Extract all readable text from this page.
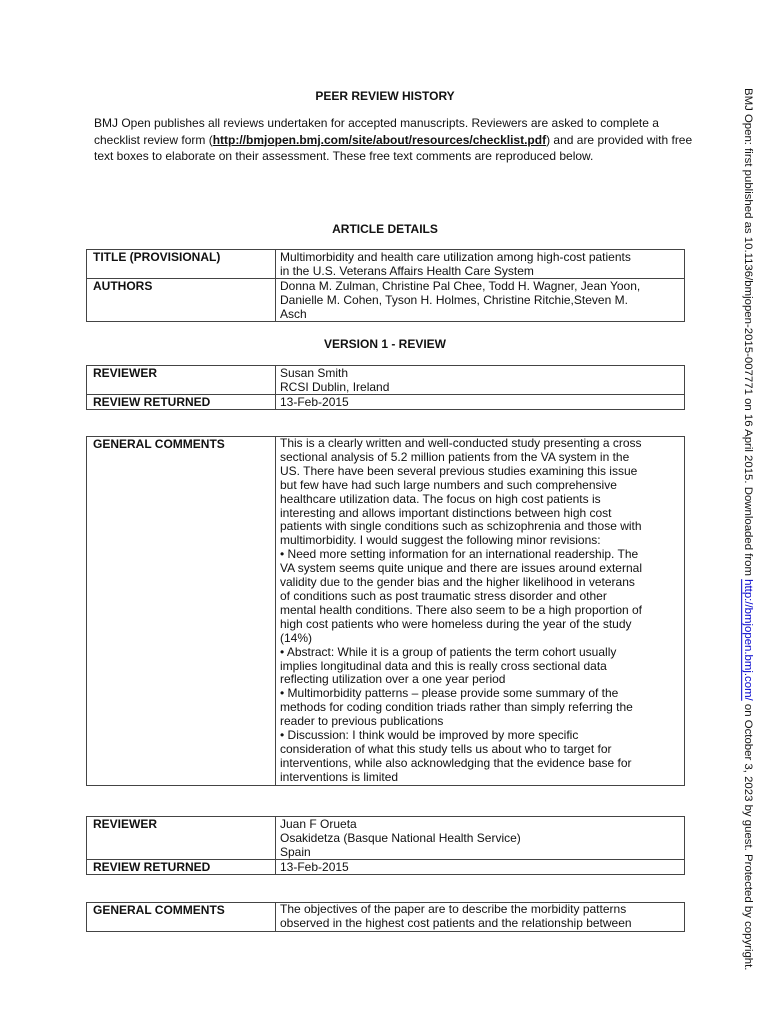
PEER REVIEW HISTORY
BMJ Open publishes all reviews undertaken for accepted manuscripts. Reviewers are asked to complete a checklist review form (http://bmjopen.bmj.com/site/about/resources/checklist.pdf) and are provided with free text boxes to elaborate on their assessment. These free text comments are reproduced below.
ARTICLE DETAILS
TITLE (PROVISIONAL)	Multimorbidity and health care utilization among high-cost patients
in the U.S. Veterans Affairs Health Care System

AUTHORS	Donna M. Zulman, Christine Pal Chee, Todd H. Wagner, Jean Yoon,
Danielle M. Cohen, Tyson H. Holmes, Christine Ritchie,Steven M.
Asch
VERSION 1 - REVIEW
REVIEWER	Susan Smith
RCSI Dublin, Ireland

REVIEW RETURNED	13-Feb-2015
GENERAL COMMENTS	This is a clearly written and well-conducted study presenting a cross
sectional analysis of 5.2 million patients from the VA system in the
US. There have been several previous studies examining this issue
but few have had such large numbers and such comprehensive
healthcare utilization data. The focus on high cost patients is
interesting and allows important distinctions between high cost
patients with single conditions such as schizophrenia and those with
multimorbidity. I would suggest the following minor revisions:
• Need more setting information for an international readership. The
VA system seems quite unique and there are issues around external
validity due to the gender bias and the higher likelihood in veterans
of conditions such as post traumatic stress disorder and other
mental health conditions. There also seem to be a high proportion of
high cost patients who were homeless during the year of the study
(14%)
• Abstract: While it is a group of patients the term cohort usually
implies longitudinal data and this is really cross sectional data
reflecting utilization over a one year period
• Multimorbidity patterns – please provide some summary of the
methods for coding condition triads rather than simply referring the
reader to previous publications
• Discussion: I think would be improved by more specific
consideration of what this study tells us about who to target for
interventions, while also acknowledging that the evidence base for
interventions is limited
REVIEWER	Juan F Orueta
Osakidetza (Basque National Health Service)
Spain

REVIEW RETURNED	13-Feb-2015
GENERAL COMMENTS	The objectives of the paper are to describe the morbidity patterns
observed in the highest cost patients and the relationship between
BMJ Open: first published as 10.1136/bmjopen-2015-007771 on 16 April 2015. Downloaded from http://bmjopen.bmj.com/ on October 3, 2023 by guest. Protected by copyright.
